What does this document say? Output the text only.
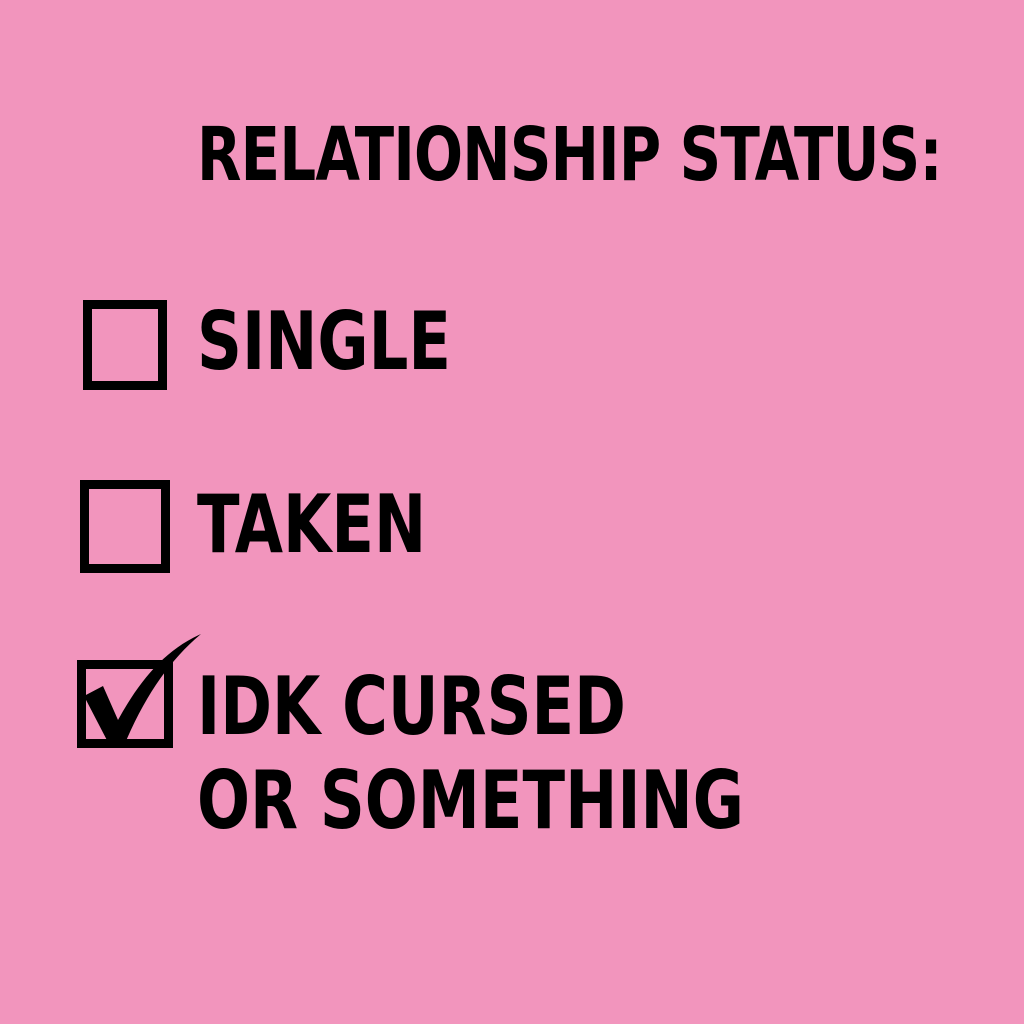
RELATIONSHIP STATUS:

SINGLE

TAKEN

IDK CURSED

OR SOMETHING
